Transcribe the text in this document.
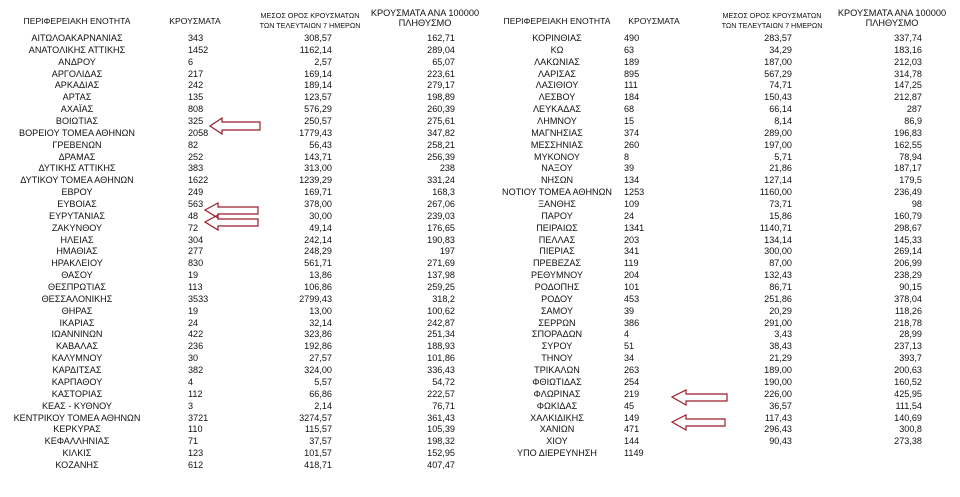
ΠΕΡΙΦΕΡΕΙΑΚΗ ΕΝΟΤΗΤΑ	ΚΡΟΥΣΜΑΤΑ
ΜΕΣΟΣ ΟΡΟΣ ΚΡΟΥΣΜΑΤΩΝ
ΤΩΝ ΤΕΛΕΥΤΑΙΩΝ 7 ΗΜΕΡΩΝ
ΚΡΟΥΣΜΑΤΑ ΑΝΑ 100000
ΠΛΗΘΥΣΜΟ
ΑΙΤΩΛΟΑΚΑΡΝΑΝΙΑΣ	343	308,57	162,71
ΑΝΑΤΟΛΙΚΗΣ ΑΤΤΙΚΗΣ	1452	1162,14	289,04
ΑΝΔΡΟΥ	6	2,57	65,07
ΑΡΓΟΛΙΔΑΣ	217	169,14	223,61
ΑΡΚΑΔΙΑΣ	242	189,14	279,17
ΑΡΤΑΣ	135	123,57	198,89
ΑΧΑΪΑΣ	808	576,29	260,39
ΒΟΙΩΤΙΑΣ	325	250,57	275,61
ΒΟΡΕΙΟΥ ΤΟΜΕΑ ΑΘΗΝΩΝ	2058	1779,43	347,82
ΓΡΕΒΕΝΩΝ	82	56,43	258,21
ΔΡΑΜΑΣ	252	143,71	256,39
ΔΥΤΙΚΗΣ ΑΤΤΙΚΗΣ	383	313,00	238
ΔΥΤΙΚΟΥ ΤΟΜΕΑ ΑΘΗΝΩΝ	1622	1239,29	331,24
ΕΒΡΟΥ	249	169,71	168,3
ΕΥΒΟΙΑΣ	563	378,00	267,06
ΕΥΡΥΤΑΝΙΑΣ	48	30,00	239,03
ΖΑΚΥΝΘΟΥ	72	49,14	176,65
ΗΛΕΙΑΣ	304	242,14	190,83
ΗΜΑΘΙΑΣ	277	248,29	197
ΗΡΑΚΛΕΙΟΥ	830	561,71	271,69
ΘΑΣΟΥ	19	13,86	137,98
ΘΕΣΠΡΩΤΙΑΣ	113	106,86	259,25
ΘΕΣΣΑΛΟΝΙΚΗΣ	3533	2799,43	318,2
ΘΗΡΑΣ	19	13,00	100,62
ΙΚΑΡΙΑΣ	24	32,14	242,87
ΙΩΑΝΝΙΝΩΝ	422	323,86	251,34
ΚΑΒΑΛΑΣ	236	192,86	188,93
ΚΑΛΥΜΝΟΥ	30	27,57	101,86
ΚΑΡΔΙΤΣΑΣ	382	324,00	336,43
ΚΑΡΠΑΘΟΥ	4	5,57	54,72
ΚΑΣΤΟΡΙΑΣ	112	66,86	222,57
ΚΕΑΣ - ΚΥΘΝΟΥ	3	2,14	76,71
ΚΕΝΤΡΙΚΟΥ ΤΟΜΕΑ ΑΘΗΝΩΝ	3721	3274,57	361,43
ΚΕΡΚΥΡΑΣ	110	115,57	105,39
ΚΕΦΑΛΛΗΝΙΑΣ	71	37,57	198,32
ΚΙΛΚΙΣ	123	101,57	152,95
ΚΟΖΑΝΗΣ	612	418,71	407,47
ΠΕΡΙΦΕΡΕΙΑΚΗ ΕΝΟΤΗΤΑ	ΚΡΟΥΣΜΑΤΑ
ΜΕΣΟΣ ΟΡΟΣ ΚΡΟΥΣΜΑΤΩΝ
ΤΩΝ ΤΕΛΕΥΤΑΙΩΝ 7 ΗΜΕΡΩΝ
ΚΡΟΥΣΜΑΤΑ ΑΝΑ 100000
ΠΛΗΘΥΣΜΟ
ΚΟΡΙΝΘΙΑΣ	490	283,57	337,74
ΚΩ	63	34,29	183,16
ΛΑΚΩΝΙΑΣ	189	187,00	212,03
ΛΑΡΙΣΑΣ	895	567,29	314,78
ΛΑΣΙΘΙΟΥ	111	74,71	147,25
ΛΕΣΒΟΥ	184	150,43	212,87
ΛΕΥΚΑΔΑΣ	68	66,14	287
ΛΗΜΝΟΥ	15	8,14	86,9
ΜΑΓΝΗΣΙΑΣ	374	289,00	196,83
ΜΕΣΣΗΝΙΑΣ	260	197,00	162,55
ΜΥΚΟΝΟΥ	8	5,71	78,94
ΝΑΞΟΥ	39	21,86	187,17
ΝΗΣΩΝ	134	127,14	179,5
ΝΟΤΙΟΥ ΤΟΜΕΑ ΑΘΗΝΩΝ	1253	1160,00	236,49
ΞΑΝΘΗΣ	109	73,71	98
ΠΑΡΟΥ	24	15,86	160,79
ΠΕΙΡΑΙΩΣ	1341	1140,71	298,67
ΠΕΛΛΑΣ	203	134,14	145,33
ΠΙΕΡΙΑΣ	341	300,00	269,14
ΠΡΕΒΕΖΑΣ	119	87,00	206,99
ΡΕΘΥΜΝΟΥ	204	132,43	238,29
ΡΟΔΟΠΗΣ	101	86,71	90,15
ΡΟΔΟΥ	453	251,86	378,04
ΣΑΜΟΥ	39	20,29	118,26
ΣΕΡΡΩΝ	386	291,00	218,78
ΣΠΟΡΑΔΩΝ	4	3,43	28,99
ΣΥΡΟΥ	51	38,43	237,13
ΤΗΝΟΥ	34	21,29	393,7
ΤΡΙΚΑΛΩΝ	263	189,00	200,63
ΦΘΙΩΤΙΔΑΣ	254	190,00	160,52
ΦΛΩΡΙΝΑΣ	219	226,00	425,95
ΦΩΚΙΔΑΣ	45	36,57	111,54
ΧΑΛΚΙΔΙΚΗΣ	149	117,43	140,69
ΧΑΝΙΩΝ	471	296,43	300,8
ΧΙΟΥ	144	90,43	273,38
ΥΠΟ ΔΙΕΡΕΥΝΗΣΗ	1149
